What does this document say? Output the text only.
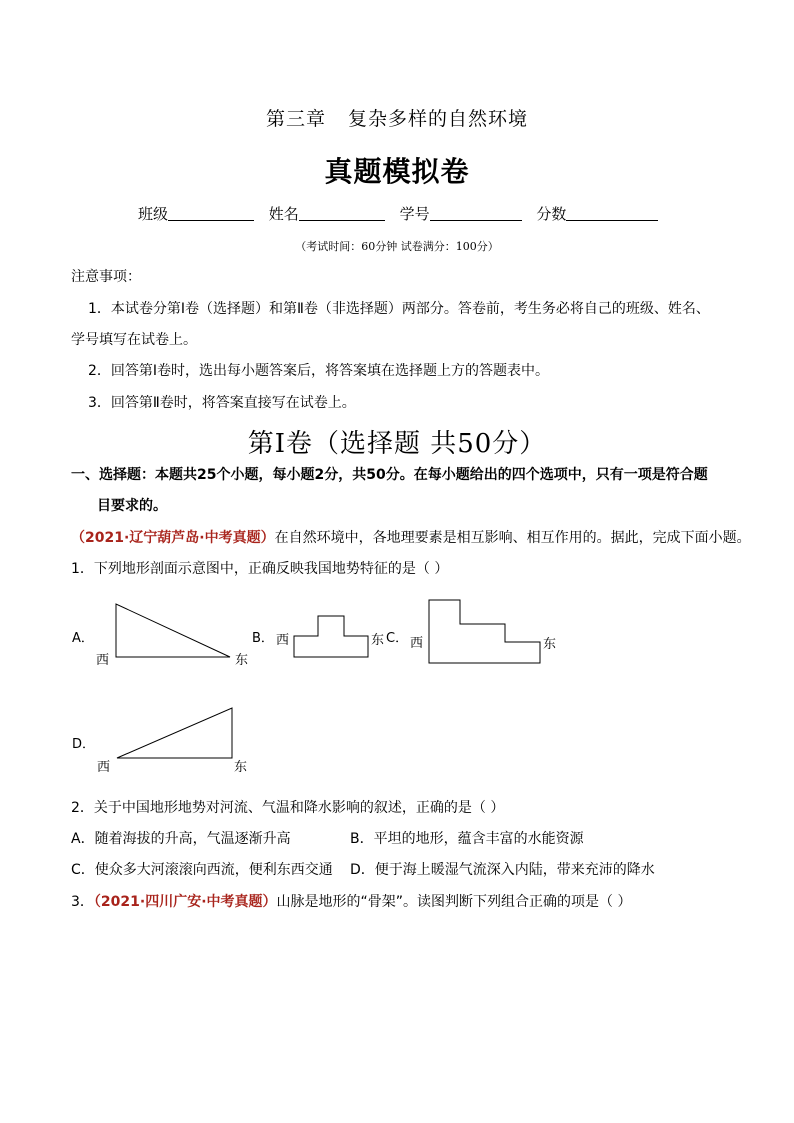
第三章 复杂多样的自然环境
真题模拟卷
班级	姓名	学号	分数
（考试时间：60分钟 试卷满分：100分）
注意事项：
1．本试卷分第Ⅰ卷（选择题）和第Ⅱ卷（非选择题）两部分。答卷前，考生务必将自己的班级、姓名、
学号填写在试卷上。
2．回答第Ⅰ卷时，选出每小题答案后，将答案填在选择题上方的答题表中。
3．回答第Ⅱ卷时，将答案直接写在试卷上。
第Ⅰ卷（选择题 共50分）
一、选择题：本题共25个小题，每小题2分，共50分。在每小题给出的四个选项中，只有一项是符合题
目要求的。
（2021·辽宁葫芦岛·中考真题）在自然环境中，各地理要素是相互影响、相互作用的。据此，完成下面小题。
1．下列地形剖面示意图中，正确反映我国地势特征的是（ ）
A．	B．	C．
D．
西	东
西	东 西	东
西	东
2．关于中国地形地势对河流、气温和降水影响的叙述，正确的是（ ）
A．随着海拔的升高，气温逐渐升高	B．平坦的地形，蕴含丰富的水能资源
C．使众多大河滚滚向西流，便利东西交通 D．便于海上暖湿气流深入内陆，带来充沛的降水
3．（2021·四川广安·中考真题）山脉是地形的“骨架”。读图判断下列组合正确的项是（ ）
